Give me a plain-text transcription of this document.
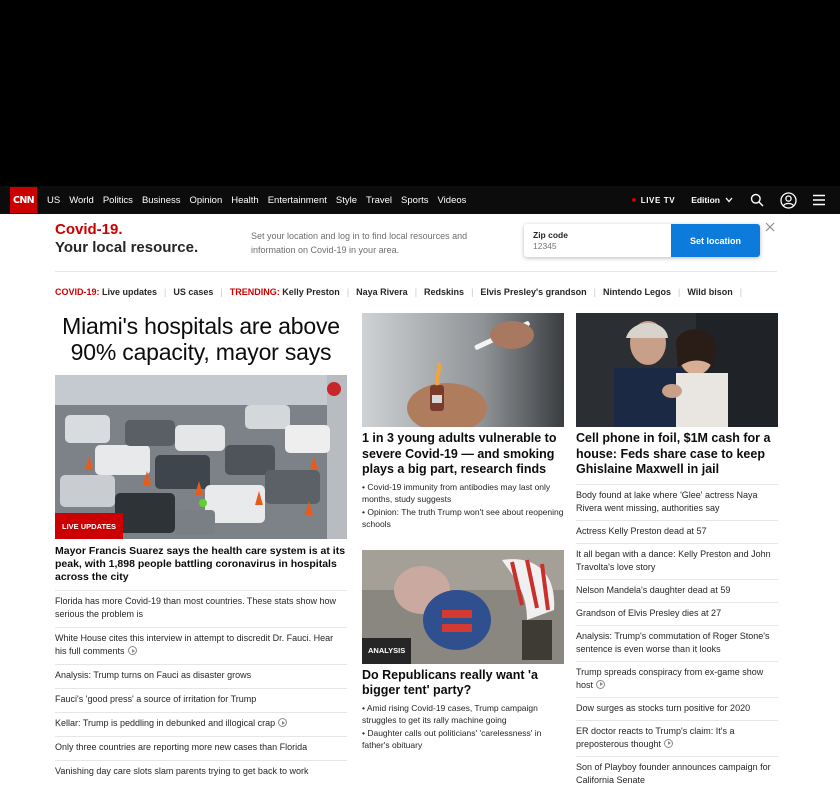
CNN	US World Politics Business Opinion Health Entertainment Style Travel Sports Videos	LIVE TV Edition
Covid-19.
Your local resource.
Set your location and log in to find local resources and information on Covid-19 in your area.
Zip code
12345
Set location
COVID-19:
Live updates | US cases | TRENDING:
Kelly Preston | Naya Rivera | Redskins | Elvis Presley's grandson | Nintendo Legos | Wild bison |
Miami's hospitals are above 90% capacity, mayor says
LIVE UPDATES
Mayor Francis Suarez says the health care system is at its peak, with 1,898 people battling coronavirus in hospitals across the city
Florida has more Covid-19 than most countries. These stats show how serious the problem is
White House cites this interview in attempt to discredit Dr. Fauci. Hear his full comments
Analysis: Trump turns on Fauci as disaster grows
Fauci's 'good press' a source of irritation for Trump
Kellar: Trump is peddling in debunked and illogical crap
Only three countries are reporting more new cases than Florida
Vanishing day care slots slam parents trying to get back to work
1 in 3 young adults vulnerable to severe Covid-19 — and smoking plays a big part, research finds
• Covid-19 immunity from antibodies may last only months, study suggests
• Opinion: The truth Trump won't see about reopening schools
ANALYSIS
Do Republicans really want 'a bigger tent' party?
• Amid rising Covid-19 cases, Trump campaign struggles to get its rally machine going
• Daughter calls out politicians' 'carelessness' in father's obituary
Cell phone in foil, $1M cash for a house: Feds share case to keep Ghislaine Maxwell in jail
Body found at lake where 'Glee' actress Naya Rivera went missing, authorities say
Actress Kelly Preston dead at 57
It all began with a dance: Kelly Preston and John Travolta's love story
Nelson Mandela's daughter dead at 59
Grandson of Elvis Presley dies at 27
Analysis: Trump's commutation of Roger Stone's sentence is even worse than it looks
Trump spreads conspiracy from ex-game show host
Dow surges as stocks turn positive for 2020
ER doctor reacts to Trump's claim: It's a preposterous thought
Son of Playboy founder announces campaign for California Senate
